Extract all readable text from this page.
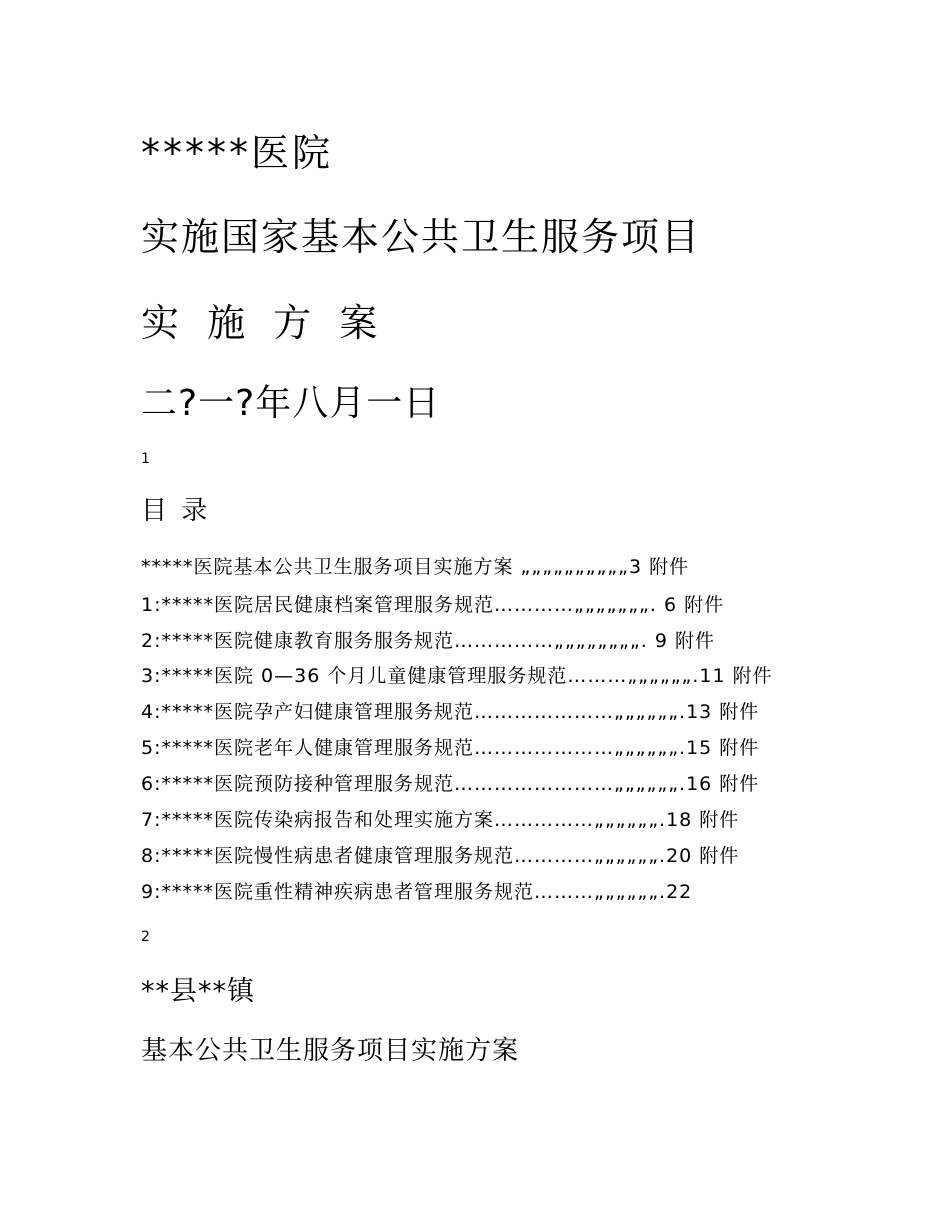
*****医院
实施国家基本公共卫生服务项目
实 施 方 案
二?一?年八月一日
1
目 录
*****医院基本公共卫生服务项目实施方案 „„„„„„„„„„3 附件
1:*****医院居民健康档案管理服务规范…………„„„„„„„. 6 附件
2:*****医院健康教育服务服务规范……………„„„„„„„„. 9 附件
3:*****医院 0—36 个月儿童健康管理服务规范………„„„„„„.11 附件
4:*****医院孕产妇健康管理服务规范…………………„„„„„„.13 附件
5:*****医院老年人健康管理服务规范…………………„„„„„„.15 附件
6:*****医院预防接种管理服务规范……………………„„„„„„.16 附件
7:*****医院传染病报告和处理实施方案……………„„„„„„.18 附件
8:*****医院慢性病患者健康管理服务规范…………„„„„„„.20 附件
9:*****医院重性精神疾病患者管理服务规范………„„„„„„.22
2
**县**镇
基本公共卫生服务项目实施方案
